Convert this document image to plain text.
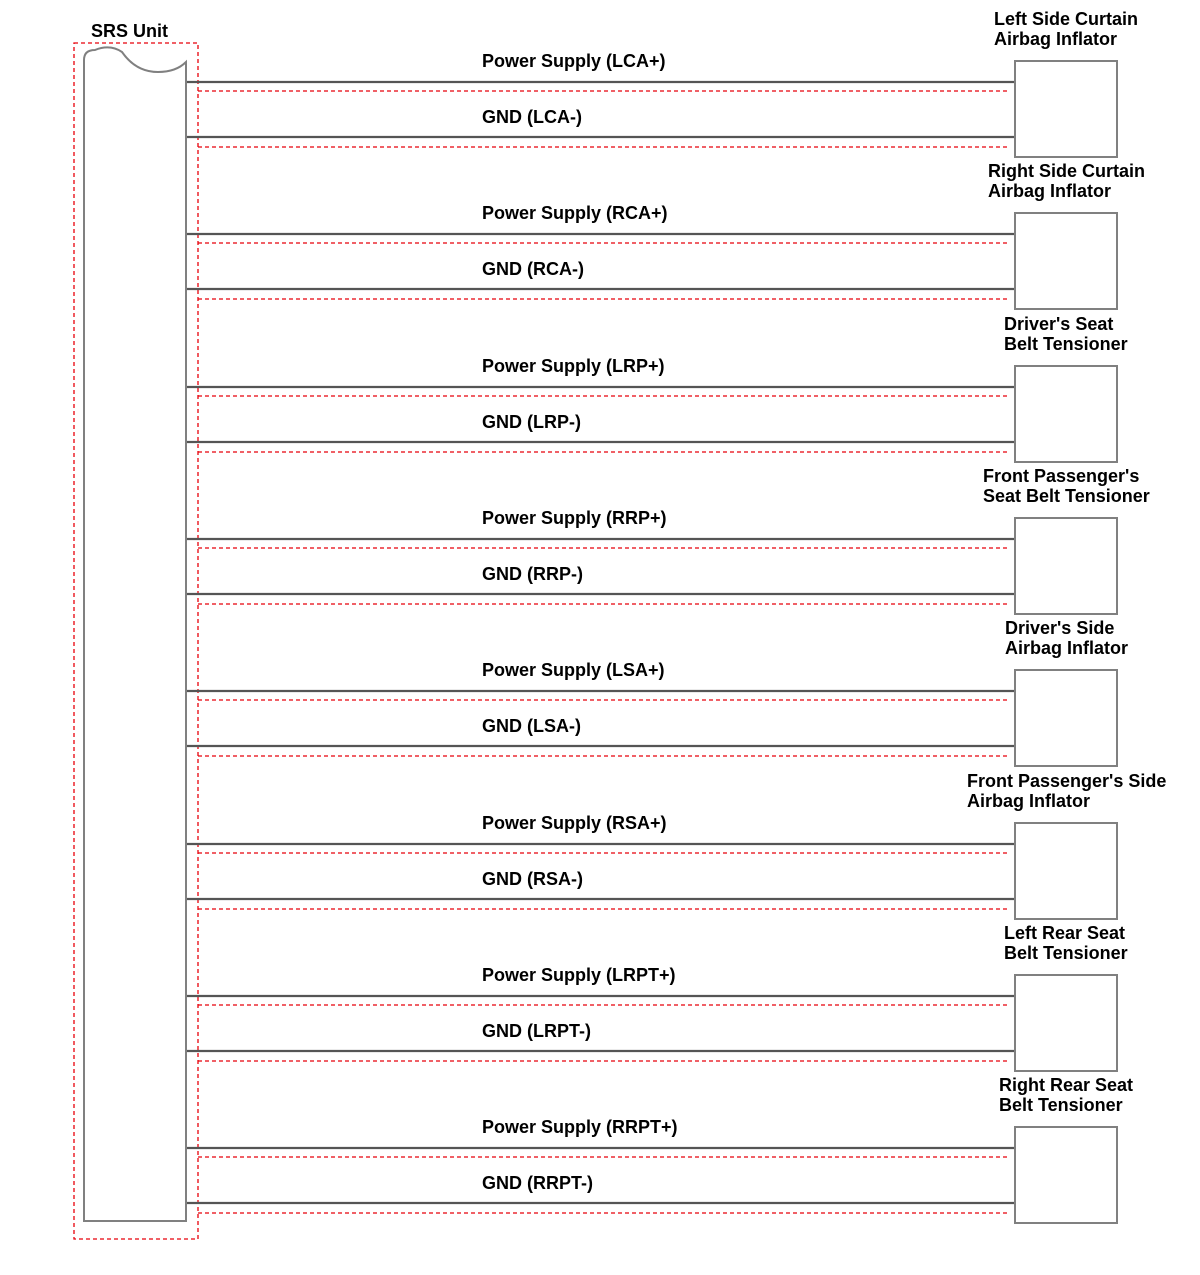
SRS Unit
Power Supply (LCA+)
GND (LCA-)
Left Side Curtain
Airbag Inflator
Power Supply (RCA+)
GND (RCA-)
Right Side Curtain
Airbag Inflator
Power Supply (LRP+)
GND (LRP-)
Driver's Seat
Belt Tensioner
Power Supply (RRP+)
GND (RRP-)
Front Passenger's
Seat Belt Tensioner
Power Supply (LSA+)
GND (LSA-)
Driver's Side
Airbag Inflator
Power Supply (RSA+)
GND (RSA-)
Front Passenger's Side
Airbag Inflator
Power Supply (LRPT+)
GND (LRPT-)
Left Rear Seat
Belt Tensioner
Power Supply (RRPT+)
GND (RRPT-)
Right Rear Seat
Belt Tensioner
